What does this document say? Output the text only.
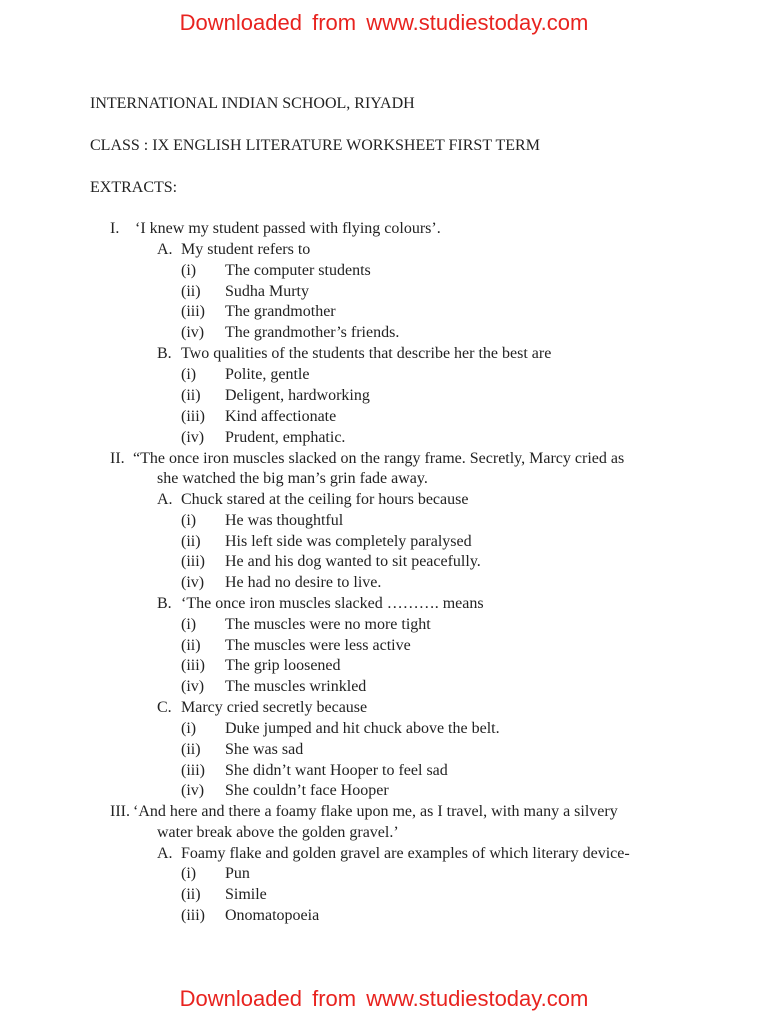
Downloaded from www.studiestoday.com
INTERNATIONAL INDIAN SCHOOL, RIYADH
CLASS : IX ENGLISH LITERATURE WORKSHEET FIRST TERM
EXTRACTS:
I. ‘I knew my student passed with flying colours’.
A. My student refers to
(i) The computer students
(ii) Sudha Murty
(iii) The grandmother
(iv) The grandmother’s friends.
B. Two qualities of the students that describe her the best are
(i) Polite, gentle
(ii) Deligent, hardworking
(iii) Kind affectionate
(iv) Prudent, emphatic.
II. “The once iron muscles slacked on the rangy frame. Secretly, Marcy cried as
she watched the big man’s grin fade away.
A. Chuck stared at the ceiling for hours because
(i) He was thoughtful
(ii) His left side was completely paralysed
(iii) He and his dog wanted to sit peacefully.
(iv) He had no desire to live.
B. ‘The once iron muscles slacked ………. means
(i) The muscles were no more tight
(ii) The muscles were less active
(iii) The grip loosened
(iv) The muscles wrinkled
C. Marcy cried secretly because
(i) Duke jumped and hit chuck above the belt.
(ii) She was sad
(iii) She didn’t want Hooper to feel sad
(iv) She couldn’t face Hooper
III. ‘And here and there a foamy flake upon me, as I travel, with many a silvery
water break above the golden gravel.’
A. Foamy flake and golden gravel are examples of which literary device-
(i) Pun
(ii) Simile
(iii) Onomatopoeia
Downloaded from www.studiestoday.com
